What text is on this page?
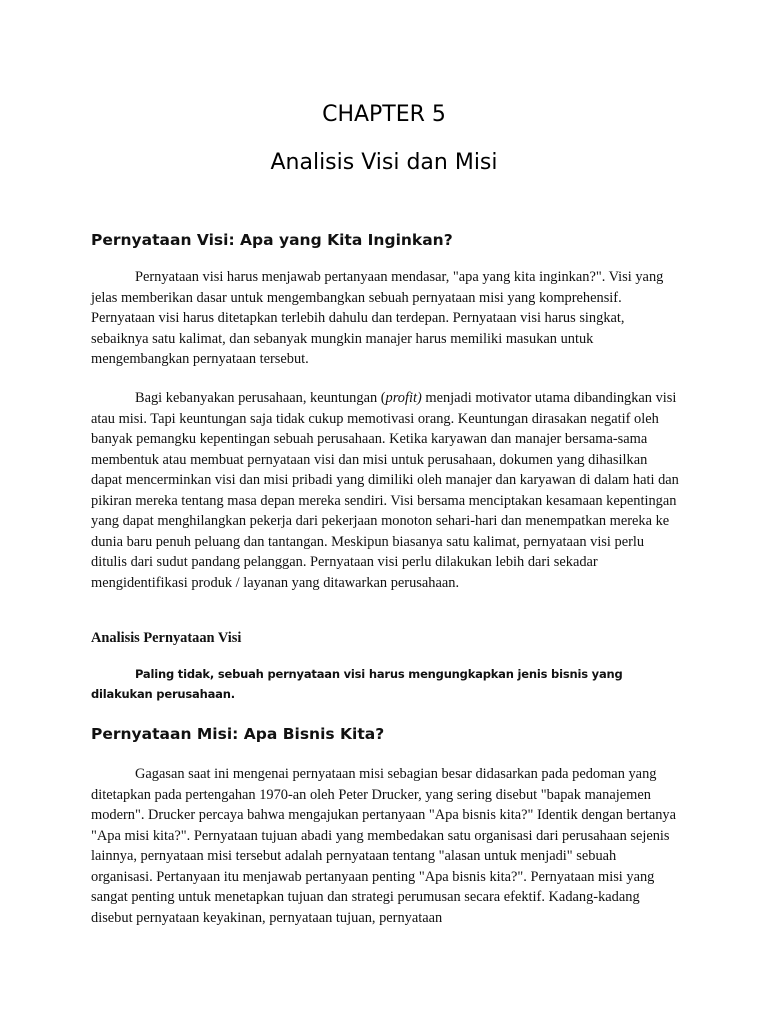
CHAPTER 5
Analisis Visi dan Misi
Pernyataan Visi: Apa yang Kita Inginkan?

Pernyataan visi harus menjawab pertanyaan mendasar, "apa yang kita inginkan?". Visi yang jelas memberikan dasar untuk mengembangkan sebuah pernyataan misi yang komprehensif. Pernyataan visi harus ditetapkan terlebih dahulu dan terdepan. Pernyataan visi harus singkat, sebaiknya satu kalimat, dan sebanyak mungkin manajer harus memiliki masukan untuk mengembangkan pernyataan tersebut.

Bagi kebanyakan perusahaan, keuntungan (profit) menjadi motivator utama dibandingkan visi atau misi. Tapi keuntungan saja tidak cukup memotivasi orang. Keuntungan dirasakan negatif oleh banyak pemangku kepentingan sebuah perusahaan. Ketika karyawan dan manajer bersama-sama membentuk atau membuat pernyataan visi dan misi untuk perusahaan, dokumen yang dihasilkan dapat mencerminkan visi dan misi pribadi yang dimiliki oleh manajer dan karyawan di dalam hati dan pikiran mereka tentang masa depan mereka sendiri. Visi bersama menciptakan kesamaan kepentingan yang dapat menghilangkan pekerja dari pekerjaan monoton sehari-hari dan menempatkan mereka ke dunia baru penuh peluang dan tantangan. Meskipun biasanya satu kalimat, pernyataan visi perlu ditulis dari sudut pandang pelanggan. Pernyataan visi perlu dilakukan lebih dari sekadar mengidentifikasi produk / layanan yang ditawarkan perusahaan.

Analisis Pernyataan Visi

Paling tidak, sebuah pernyataan visi harus mengungkapkan jenis bisnis yang dilakukan perusahaan.

Pernyataan Misi: Apa Bisnis Kita?

Gagasan saat ini mengenai pernyataan misi sebagian besar didasarkan pada pedoman yang ditetapkan pada pertengahan 1970-an oleh Peter Drucker, yang sering disebut "bapak manajemen modern". Drucker percaya bahwa mengajukan pertanyaan "Apa bisnis kita?" Identik dengan bertanya "Apa misi kita?". Pernyataan tujuan abadi yang membedakan satu organisasi dari perusahaan sejenis lainnya, pernyataan misi tersebut adalah pernyataan tentang "alasan untuk menjadi" sebuah organisasi. Pertanyaan itu menjawab pertanyaan penting "Apa bisnis kita?". Pernyataan misi yang sangat penting untuk menetapkan tujuan dan strategi perumusan secara efektif. Kadang-kadang disebut pernyataan keyakinan, pernyataan tujuan, pernyataan
